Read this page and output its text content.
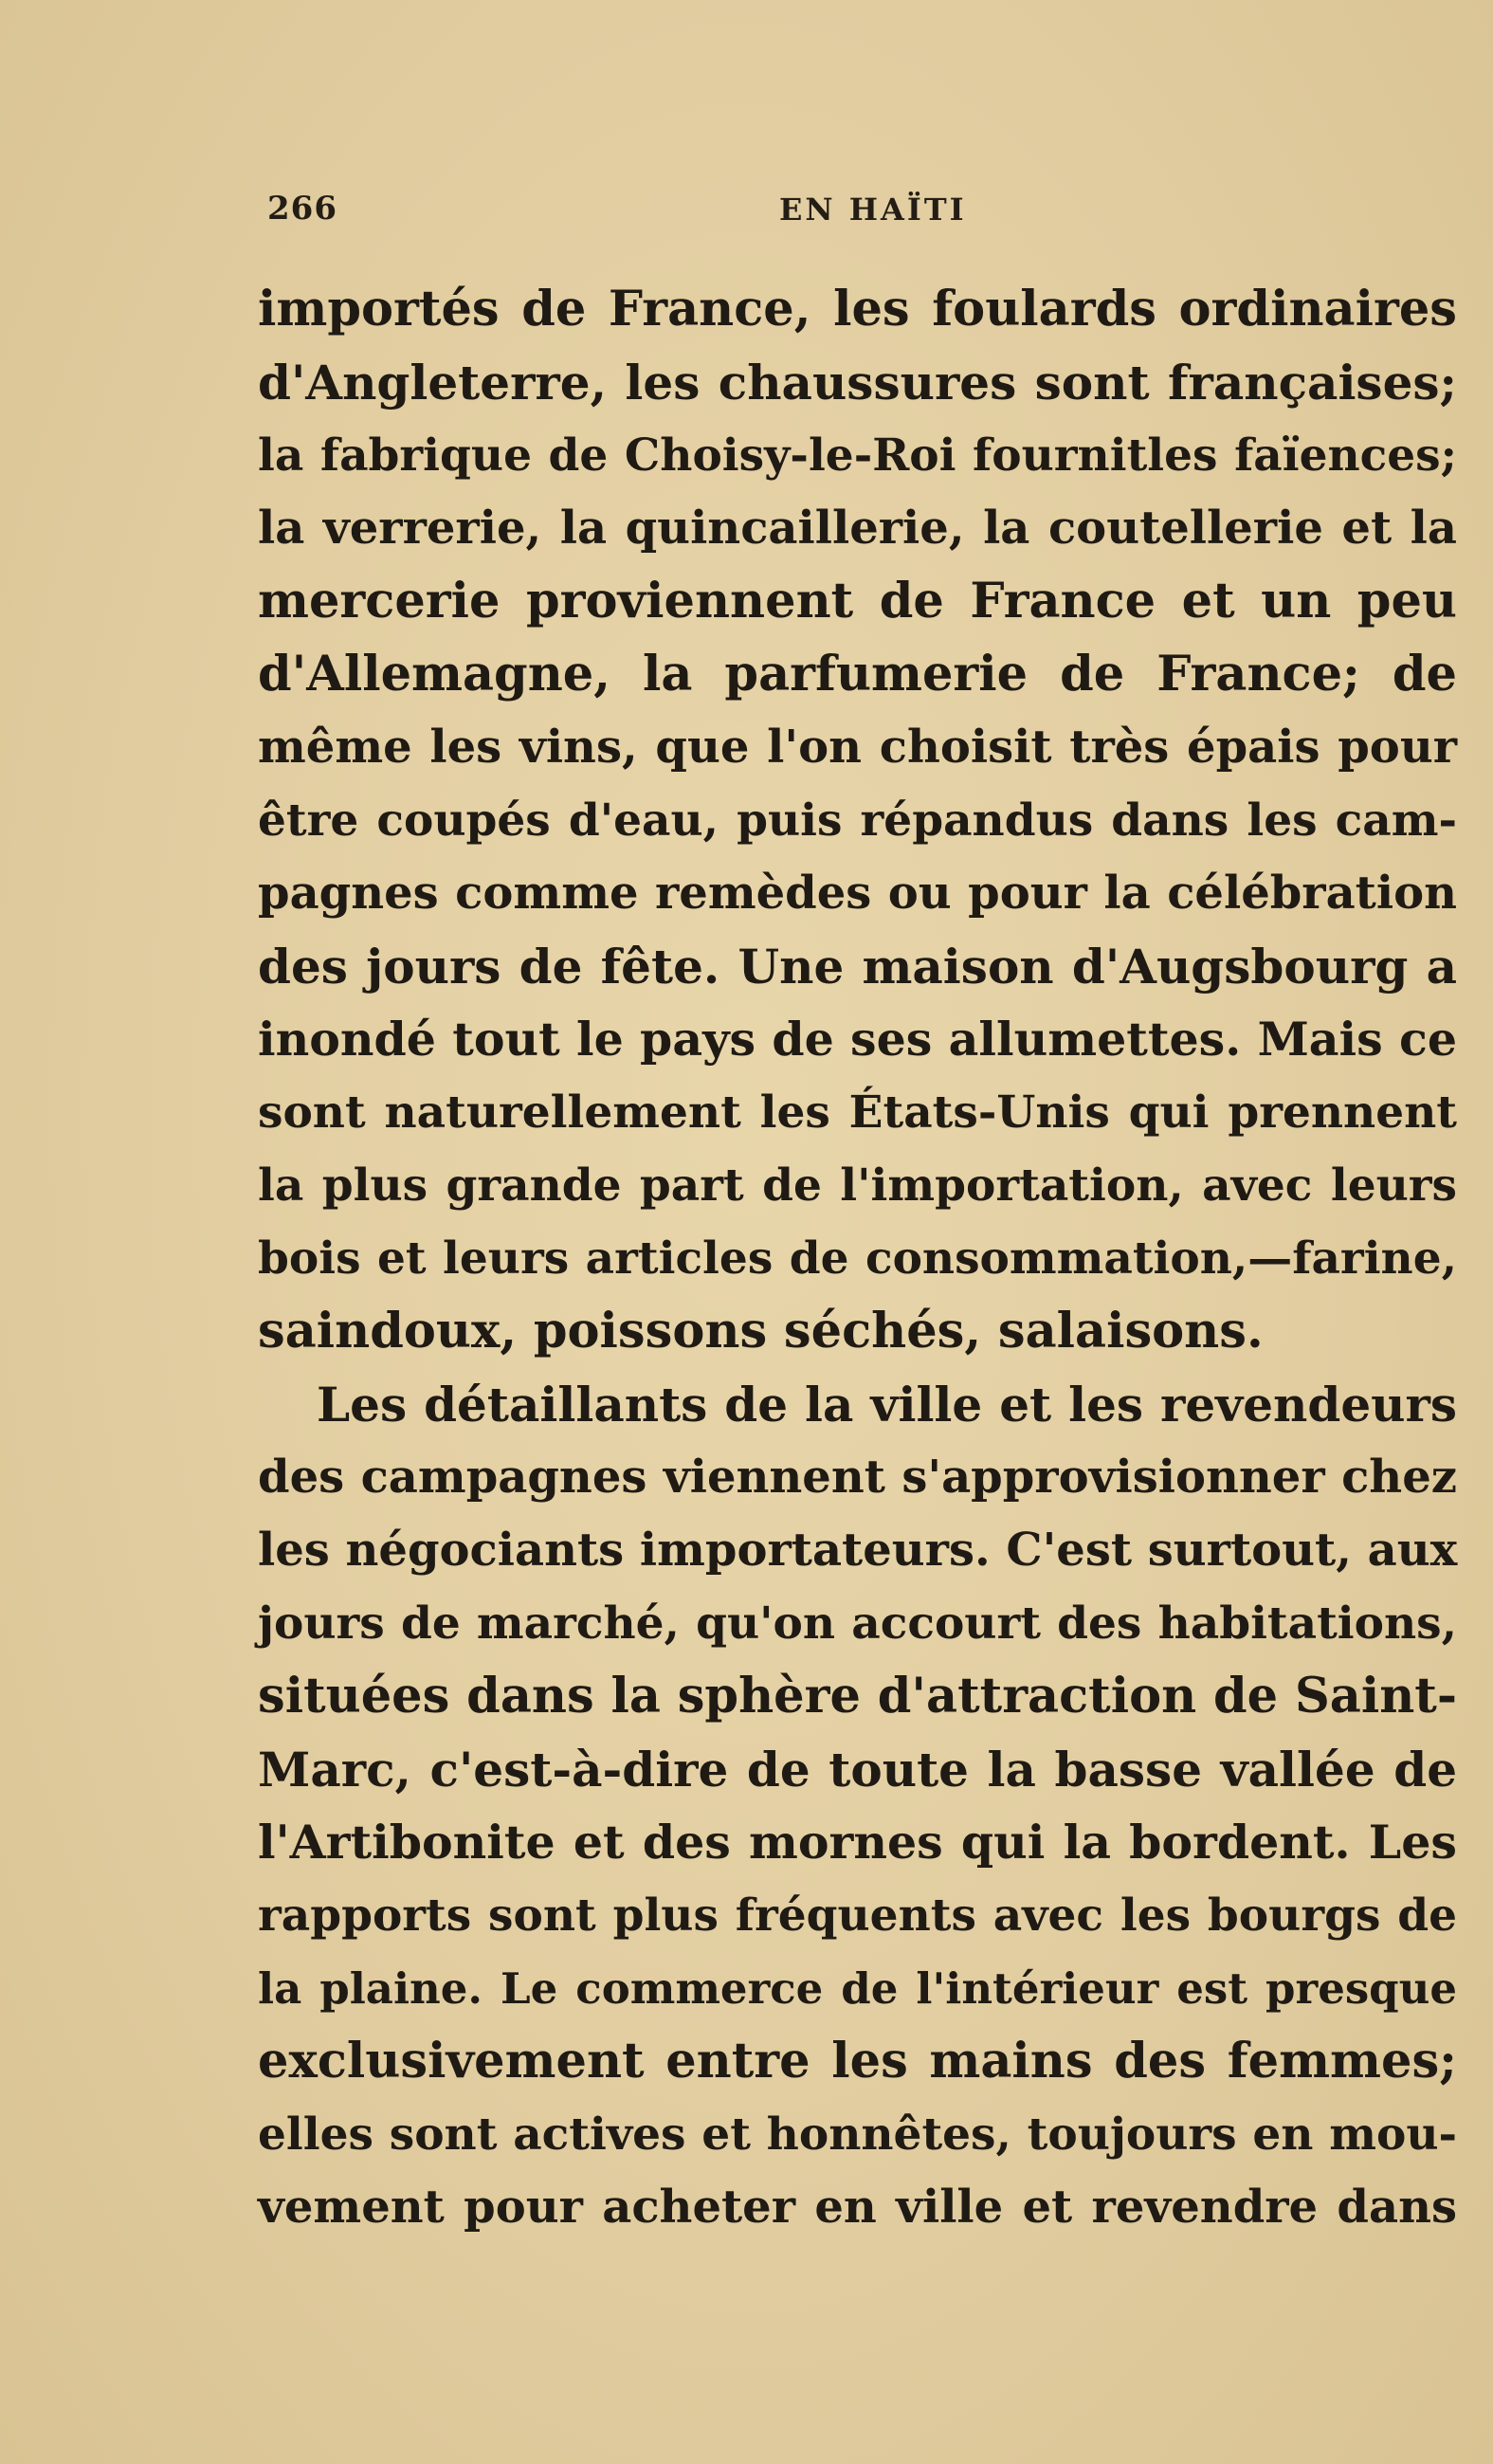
266	EN HAÏTI
importés de France, les foulards ordinaires
d'Angleterre, les chaussures sont françaises;
la fabrique de Choisy-le-Roi fournitles faïences;
la verrerie, la quincaillerie, la coutellerie et la
mercerie proviennent de France et un peu
d'Allemagne, la parfumerie de France; de
même les vins, que l'on choisit très épais pour
être coupés d'eau, puis répandus dans les cam-
pagnes comme remèdes ou pour la célébration
des jours de fête. Une maison d'Augsbourg a
inondé tout le pays de ses allumettes. Mais ce
sont naturellement les États-Unis qui prennent
la plus grande part de l'importation, avec leurs
bois et leurs articles de consommation,—farine,
saindoux, poissons séchés, salaisons.
Les détaillants de la ville et les revendeurs
des campagnes viennent s'approvisionner chez
les négociants importateurs. C'est surtout, aux
jours de marché, qu'on accourt des habitations,
situées dans la sphère d'attraction de Saint-
Marc, c'est-à-dire de toute la basse vallée de
l'Artibonite et des mornes qui la bordent. Les
rapports sont plus fréquents avec les bourgs de
la plaine. Le commerce de l'intérieur est presque
exclusivement entre les mains des femmes;
elles sont actives et honnêtes, toujours en mou-
vement pour acheter en ville et revendre dans
